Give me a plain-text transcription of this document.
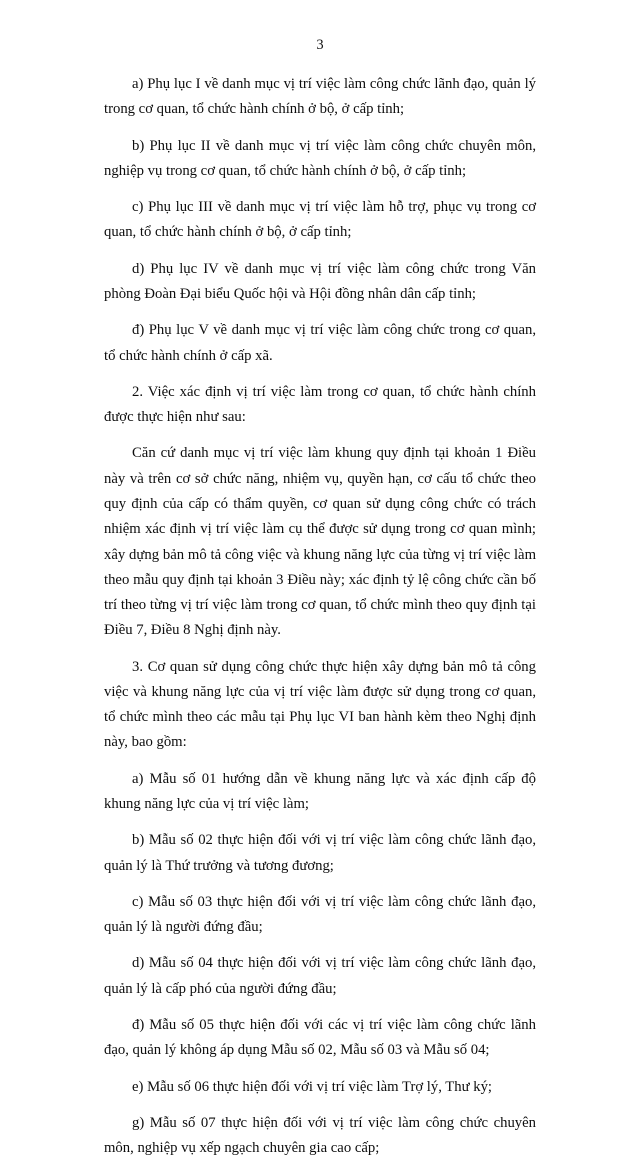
3

a) Phụ lục I về danh mục vị trí việc làm công chức lãnh đạo, quản lý trong cơ quan, tổ chức hành chính ở bộ, ở cấp tỉnh;

b) Phụ lục II về danh mục vị trí việc làm công chức chuyên môn, nghiệp vụ trong cơ quan, tổ chức hành chính ở bộ, ở cấp tỉnh;

c) Phụ lục III về danh mục vị trí việc làm hỗ trợ, phục vụ trong cơ quan, tổ chức hành chính ở bộ, ở cấp tỉnh;

d) Phụ lục IV về danh mục vị trí việc làm công chức trong Văn phòng Đoàn Đại biểu Quốc hội và Hội đồng nhân dân cấp tỉnh;

đ) Phụ lục V về danh mục vị trí việc làm công chức trong cơ quan, tổ chức hành chính ở cấp xã.

2. Việc xác định vị trí việc làm trong cơ quan, tổ chức hành chính được thực hiện như sau:

Căn cứ danh mục vị trí việc làm khung quy định tại khoản 1 Điều này và trên cơ sở chức năng, nhiệm vụ, quyền hạn, cơ cấu tổ chức theo quy định của cấp có thẩm quyền, cơ quan sử dụng công chức có trách nhiệm xác định vị trí việc làm cụ thể được sử dụng trong cơ quan mình; xây dựng bản mô tả công việc và khung năng lực của từng vị trí việc làm theo mẫu quy định tại khoản 3 Điều này; xác định tỷ lệ công chức cần bố trí theo từng vị trí việc làm trong cơ quan, tổ chức mình theo quy định tại Điều 7, Điều 8 Nghị định này.

3. Cơ quan sử dụng công chức thực hiện xây dựng bản mô tả công việc và khung năng lực của vị trí việc làm được sử dụng trong cơ quan, tổ chức mình theo các mẫu tại Phụ lục VI ban hành kèm theo Nghị định này, bao gồm:

a) Mẫu số 01 hướng dẫn về khung năng lực và xác định cấp độ khung năng lực của vị trí việc làm;

b) Mẫu số 02 thực hiện đối với vị trí việc làm công chức lãnh đạo, quản lý là Thứ trưởng và tương đương;

c) Mẫu số 03 thực hiện đối với vị trí việc làm công chức lãnh đạo, quản lý là người đứng đầu;

d) Mẫu số 04 thực hiện đối với vị trí việc làm công chức lãnh đạo, quản lý là cấp phó của người đứng đầu;

đ) Mẫu số 05 thực hiện đối với các vị trí việc làm công chức lãnh đạo, quản lý không áp dụng Mẫu số 02, Mẫu số 03 và Mẫu số 04;

e) Mẫu số 06 thực hiện đối với vị trí việc làm Trợ lý, Thư ký;

g) Mẫu số 07 thực hiện đối với vị trí việc làm công chức chuyên môn, nghiệp vụ xếp ngạch chuyên gia cao cấp;
